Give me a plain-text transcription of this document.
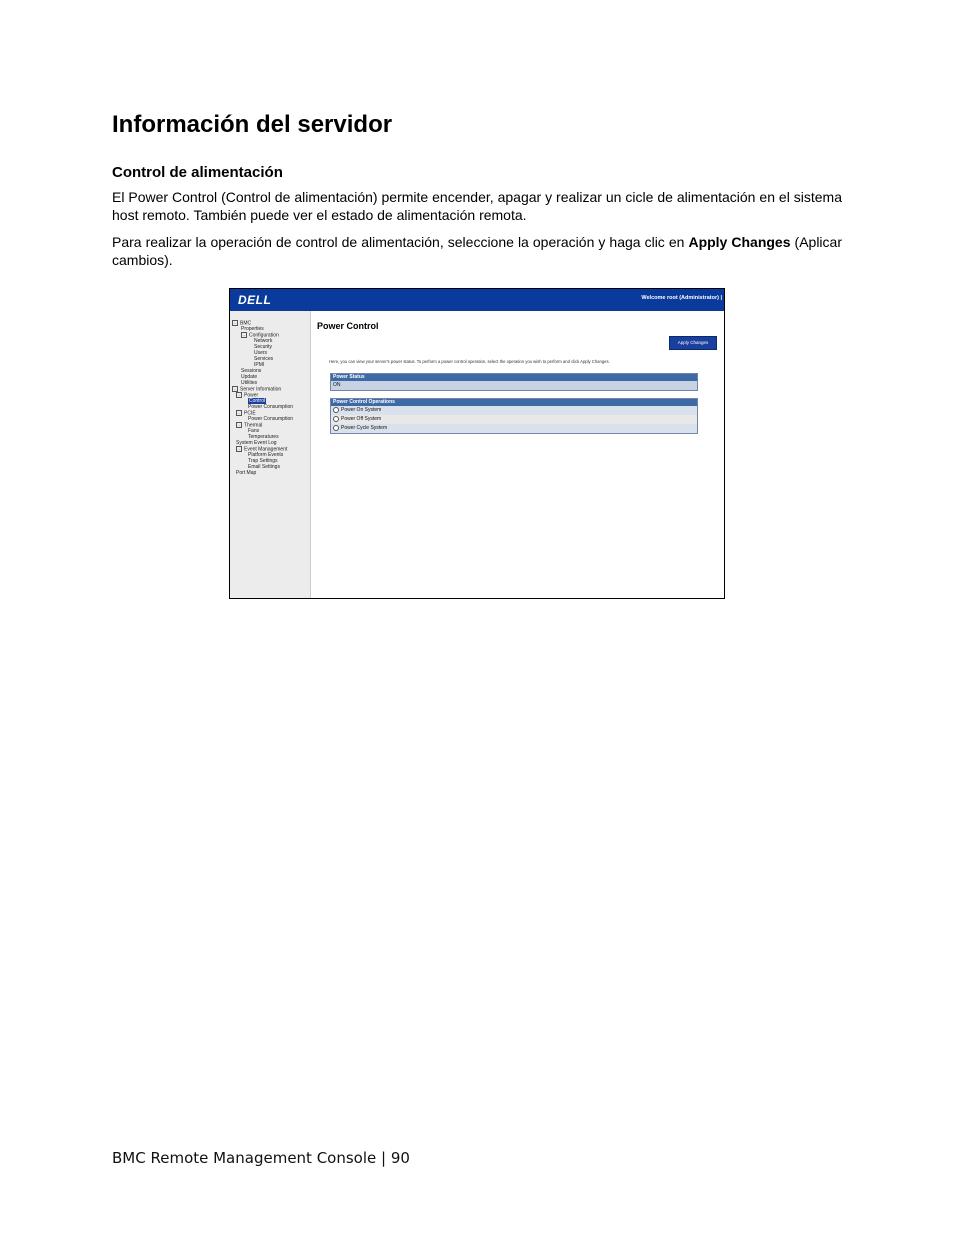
Información del servidor
Control de alimentación
El Power Control (Control de alimentación) permite encender, apagar y realizar un cicle de alimentación en el sistema host remoto. También puede ver el estado de alimentación remota.
Para realizar la operación de control de alimentación, seleccione la operación y haga clic en Apply Changes (Aplicar cambios).
DELL	Welcome root (Administrator) |
- BMC
Properties
- Configuration
Network
Security
Users
Services
IPMI
Sessions
Update
Utilities
- Server Information
- Power
Control
Power Consumption
- PCIE
Power Consumption
- Thermal
Fans
Temperatures
System Event Log
- Event Management
Platform Events
Trap Settings
Email Settings
Port Map
Power Control
Apply Changes
Here, you can view your server's power status. To perform a power control operation, select the operation you wish to perform and click Apply Changes.
Power Status
ON
Power Control Operations
Power On System
Power Off System
Power Cycle System
BMC Remote Management Console | 90
